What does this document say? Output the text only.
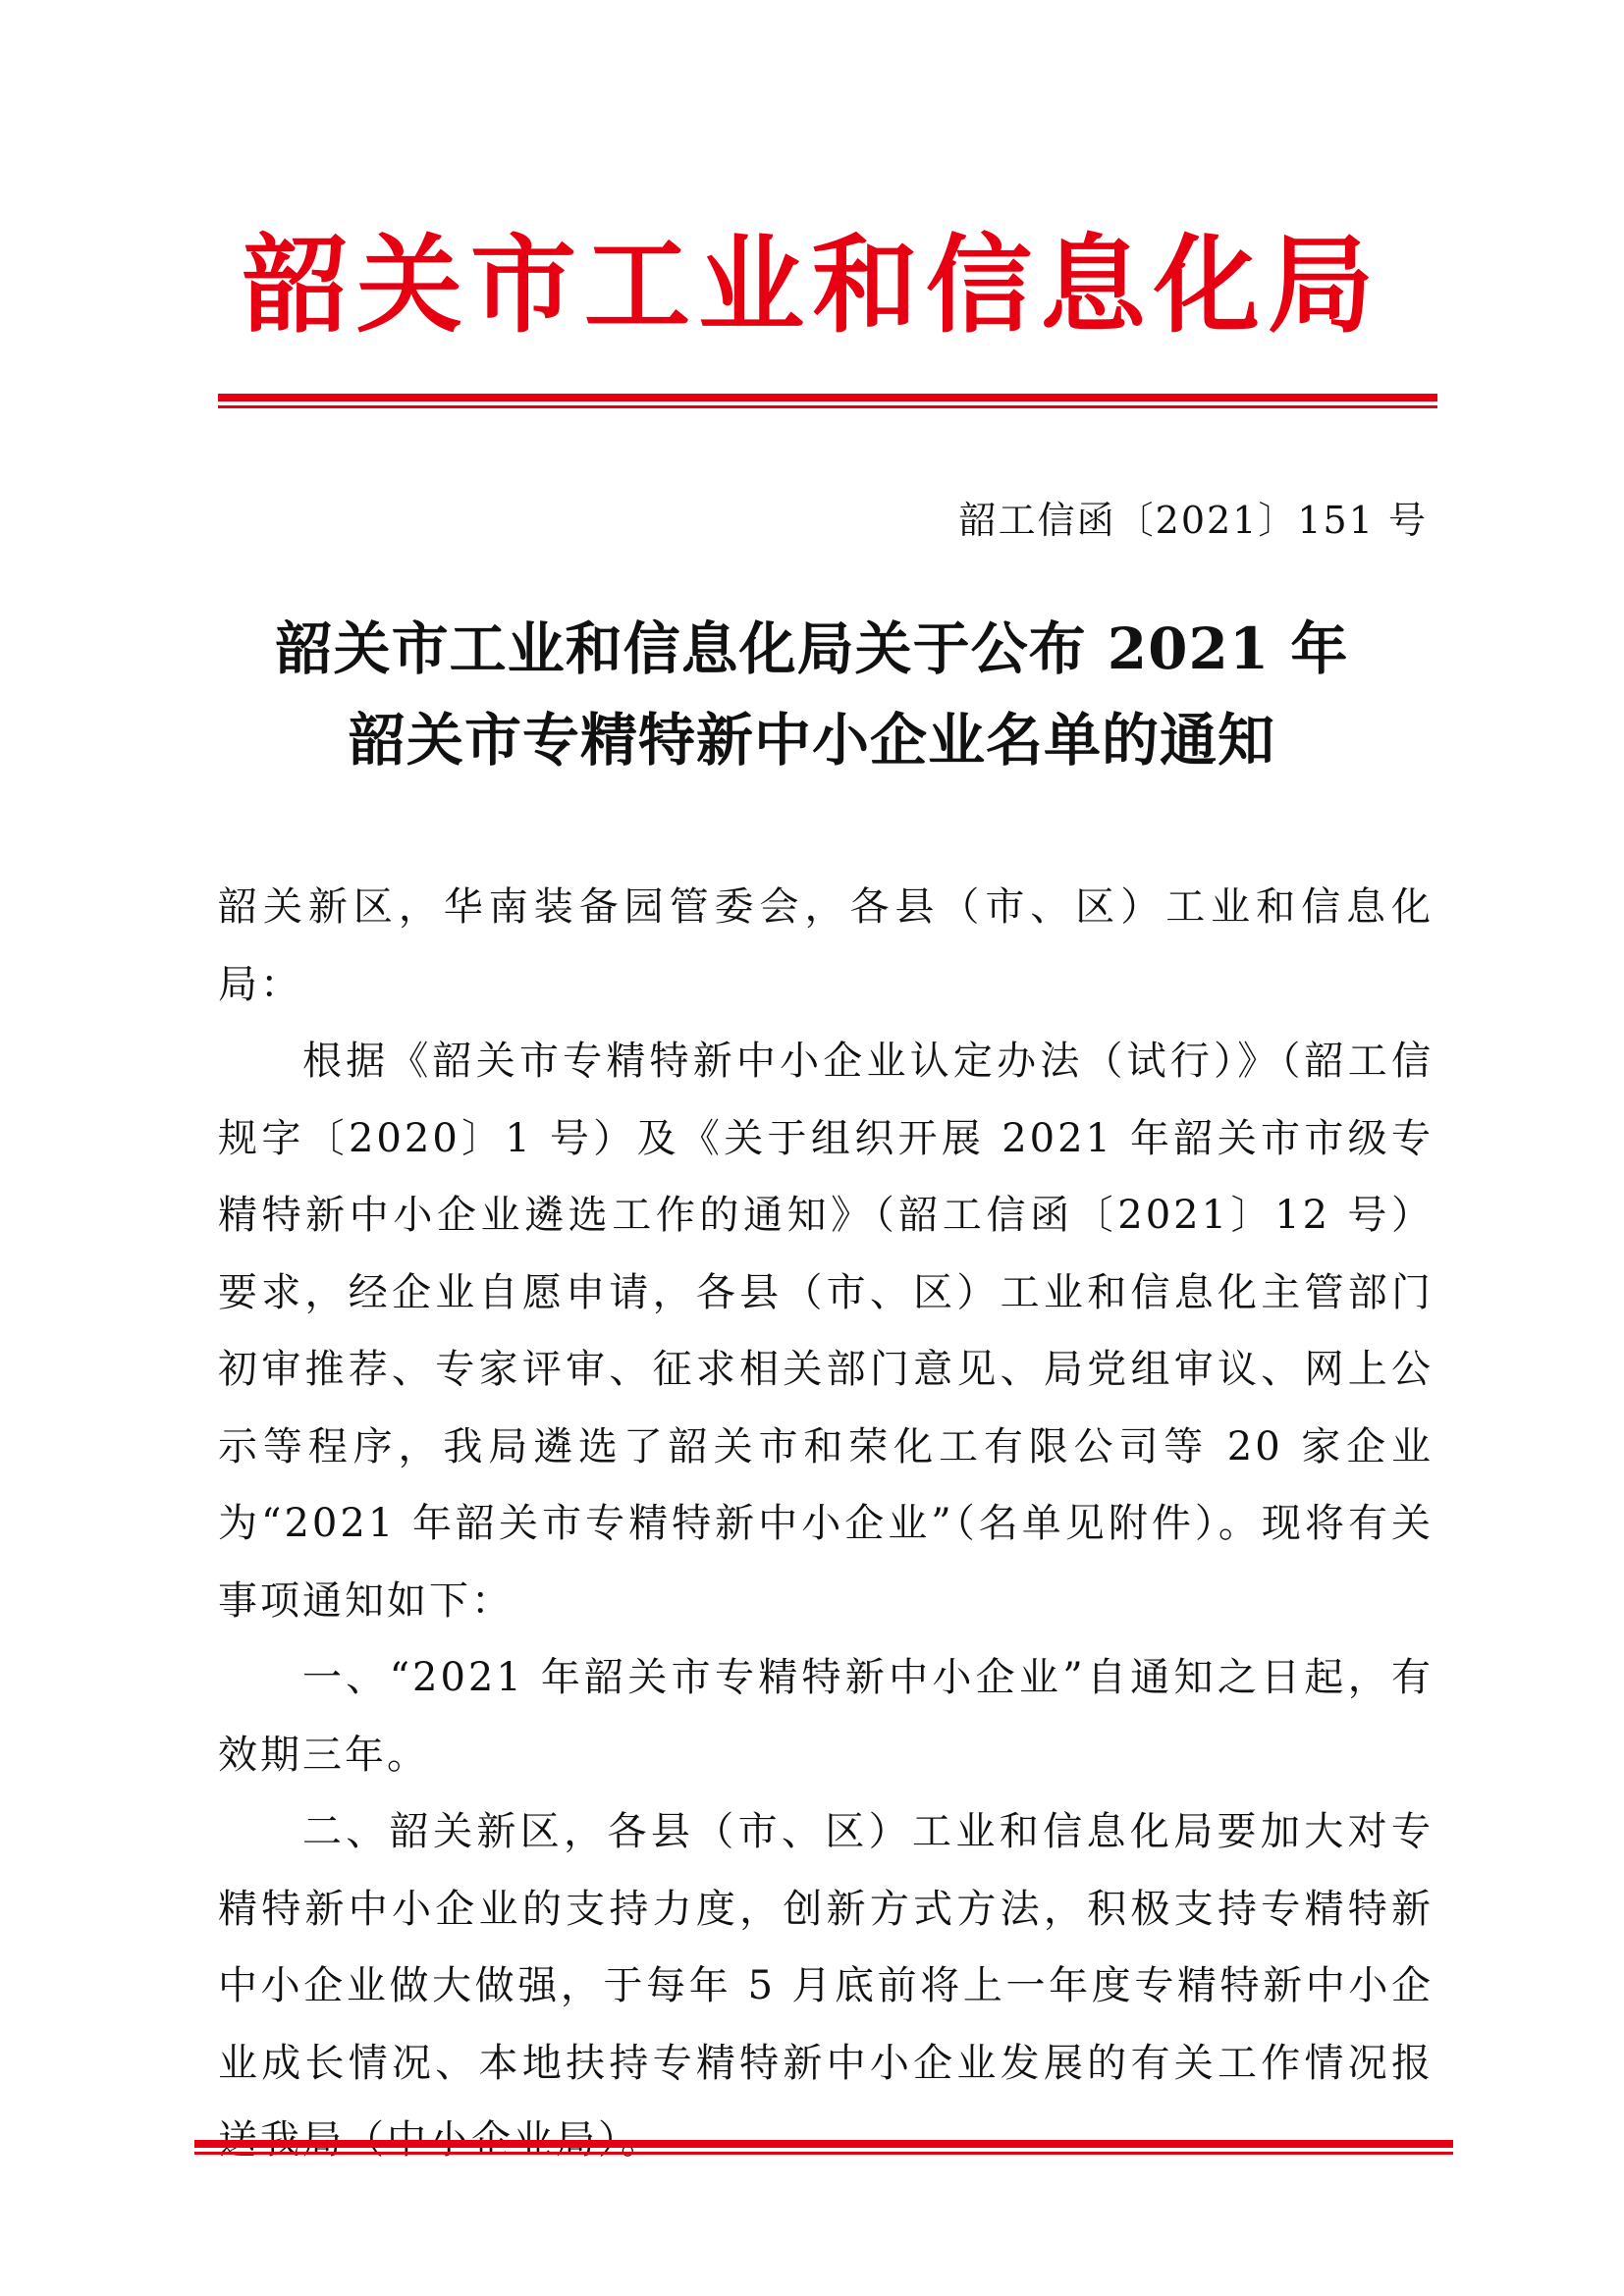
韶关市工业和信息化局
韶工信函〔2021〕151 号
韶关市工业和信息化局关于公布 2021 年
韶关市专精特新中小企业名单的通知

韶关新区，华南装备园管委会，各县（市、区）工业和信息化局：

根据《韶关市专精特新中小企业认定办法（试行）》（韶工信 规字〔2020〕1 号）及《关于组织开展 2021 年韶关市市级专精特新中小企业遴选工作的通知》（韶工信函〔2021〕12 号）要求，经企业自愿申请，各县（市、区）工业和信息化主管部门初审推荐、专家评审、征求相关部门意见、局党组审议、网上公示等程序，我局遴选了韶关市和荣化工有限公司等 20 家企业为“2021 年韶关市专精特新中小企业”（名单见附件）。现将有关事项通知如下：

一、“2021 年韶关市专精特新中小企业”自通知之日起，有效期三年。

二、韶关新区，各县（市、区）工业和信息化局要加大对专精特新中小企业的支持力度，创新方式方法，积极支持专精特新中小企业做大做强，于每年 5 月底前将上一年度专精特新中小企业成长情况、本地扶持专精特新中小企业发展的有关工作情况报
